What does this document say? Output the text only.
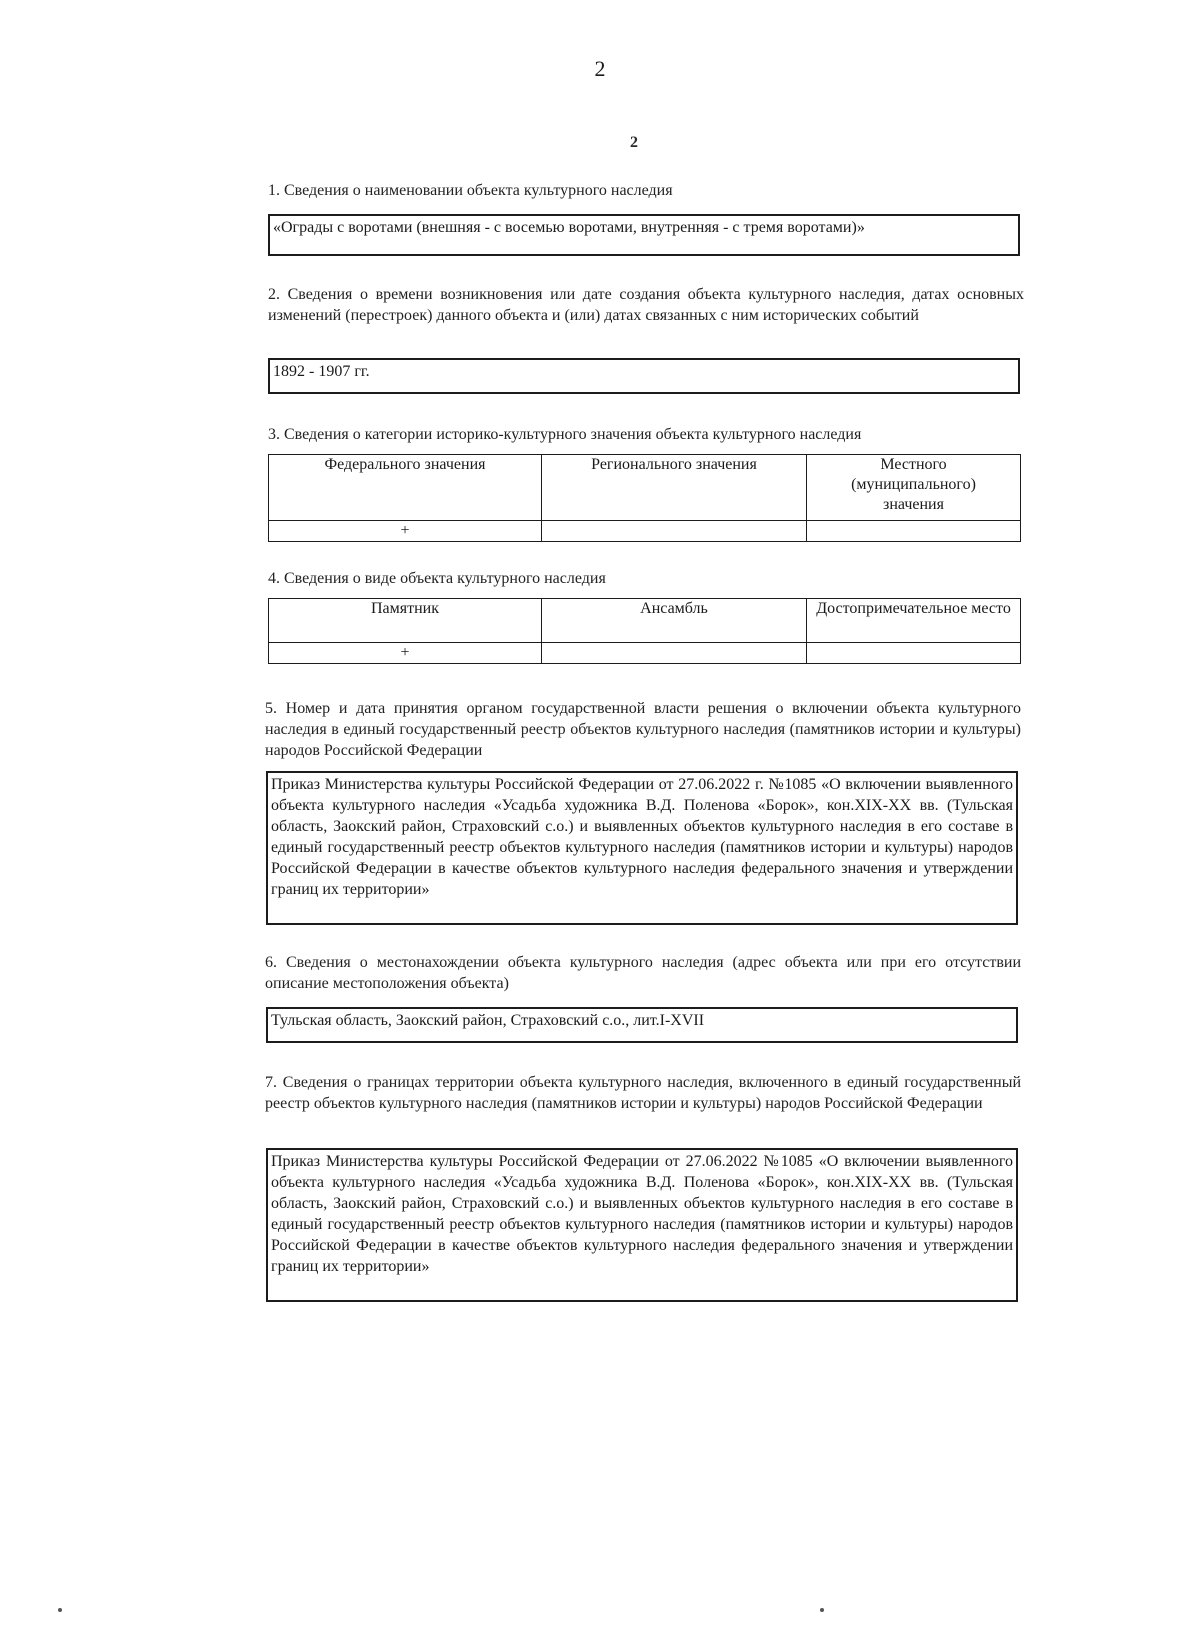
2
2
1. Сведения о наименовании объекта культурного наследия
«Ограды с воротами (внешняя - с восемью воротами, внутренняя - с тремя воротами)»
2. Сведения о времени возникновения или дате создания объекта культурного наследия, датах основных изменений (перестроек) данного объекта и (или) датах связанных с ним исторических событий
1892 - 1907 гг.
3. Сведения о категории историко-культурного значения объекта культурного наследия
Федерального значения	Регионального значения	Местного (муниципального) значения
+		
4. Сведения о виде объекта культурного наследия
Памятник	Ансамбль	Достопримечательное место
+		
5. Номер и дата принятия органом государственной власти решения о включении объекта культурного наследия в единый государственный реестр объектов культурного наследия (памятников истории и культуры) народов Российской Федерации
Приказ Министерства культуры Российской Федерации от 27.06.2022 г. №1085 «О включении выявленного объекта культурного наследия «Усадьба художника В.Д. Поленова «Борок», кон.XIX-XX вв. (Тульская область, Заокский район, Страховский с.о.) и выявленных объектов культурного наследия в его составе в единый государственный реестр объектов культурного наследия (памятников истории и культуры) народов Российской Федерации в качестве объектов культурного наследия федерального значения и утверждении границ их территории»
6. Сведения о местонахождении объекта культурного наследия (адрес объекта или при его отсутствии описание местоположения объекта)
Тульская область, Заокский район, Страховский с.о., лит.I-XVII
7. Сведения о границах территории объекта культурного наследия, включенного в единый государственный реестр объектов культурного наследия (памятников истории и культуры) народов Российской Федерации
Приказ Министерства культуры Российской Федерации от 27.06.2022 №1085 «О включении выявленного объекта культурного наследия «Усадьба художника В.Д. Поленова «Борок», кон.XIX-XX вв. (Тульская область, Заокский район, Страховский с.о.) и выявленных объектов культурного наследия в его составе в единый государственный реестр объектов культурного наследия (памятников истории и культуры) народов Российской Федерации в качестве объектов культурного наследия федерального значения и утверждении границ их территории»
